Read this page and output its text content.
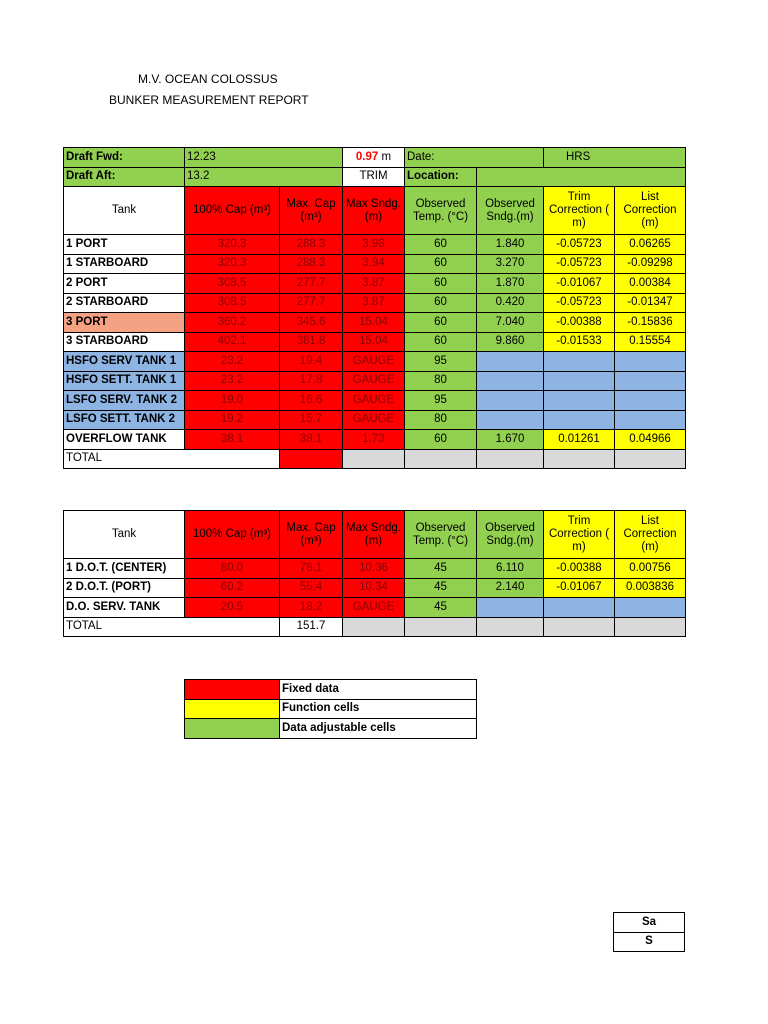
M.V. OCEAN COLOSSUS
BUNKER MEASUREMENT REPORT
Draft Fwd:	12.23		0.97 m	Date:		HRS	
Draft Aft:	13.2		TRIM	Location:			
Tank	100% Cap (m³)	Max. Cap (m³)	Max Sndg. (m)	Observed Temp. (°C)	Observed Sndg.(m)	Trim Correction ( m)	List Correction (m)
1 PORT	320.3	288.3	3.98	60	1.840	-0.05723	0.06265
1 STARBOARD	320.3	288.3	3.94	60	3.270	-0.05723	-0.09298
2 PORT	308.5	277.7	3.87	60	1.870	-0.01067	0.00384
2 STARBOARD	308.5	277.7	3.87	60	0.420	-0.05723	-0.01347
3 PORT	360.2	345.6	15.04	60	7.040	-0.00388	-0.15836
3 STARBOARD	402.1	381.8	15.04	60	9.860	-0.01533	0.15554
HSFO SERV TANK 1	23.2	19.4	GAUGE	95			
HSFO SETT. TANK 1	23.2	17.8	GAUGE	80			
LSFO SERV. TANK 2	19.0	16.6	GAUGE	95			
LSFO SETT. TANK 2	19.2	15.7	GAUGE	80			
OVERFLOW TANK	38.1	38.1	1.73	60	1.670	0.01261	0.04966
TOTAL							
Tank	100% Cap (m³)	Max. Cap (m³)	Max Sndg. (m)	Observed Temp. (°C)	Observed Sndg.(m)	Trim Correction ( m)	List Correction (m)
1 D.O.T. (CENTER)	80.0	78.1	10.36	45	6.110	-0.00388	0.00756
2 D.O.T. (PORT)	60.2	55.4	10.34	45	2.140	-0.01067	0.003836
D.O. SERV. TANK	20.5	18.2	GAUGE	45			
TOTAL		151.7					
	Fixed data
	Function cells
	Data adjustable cells
Sa
S
